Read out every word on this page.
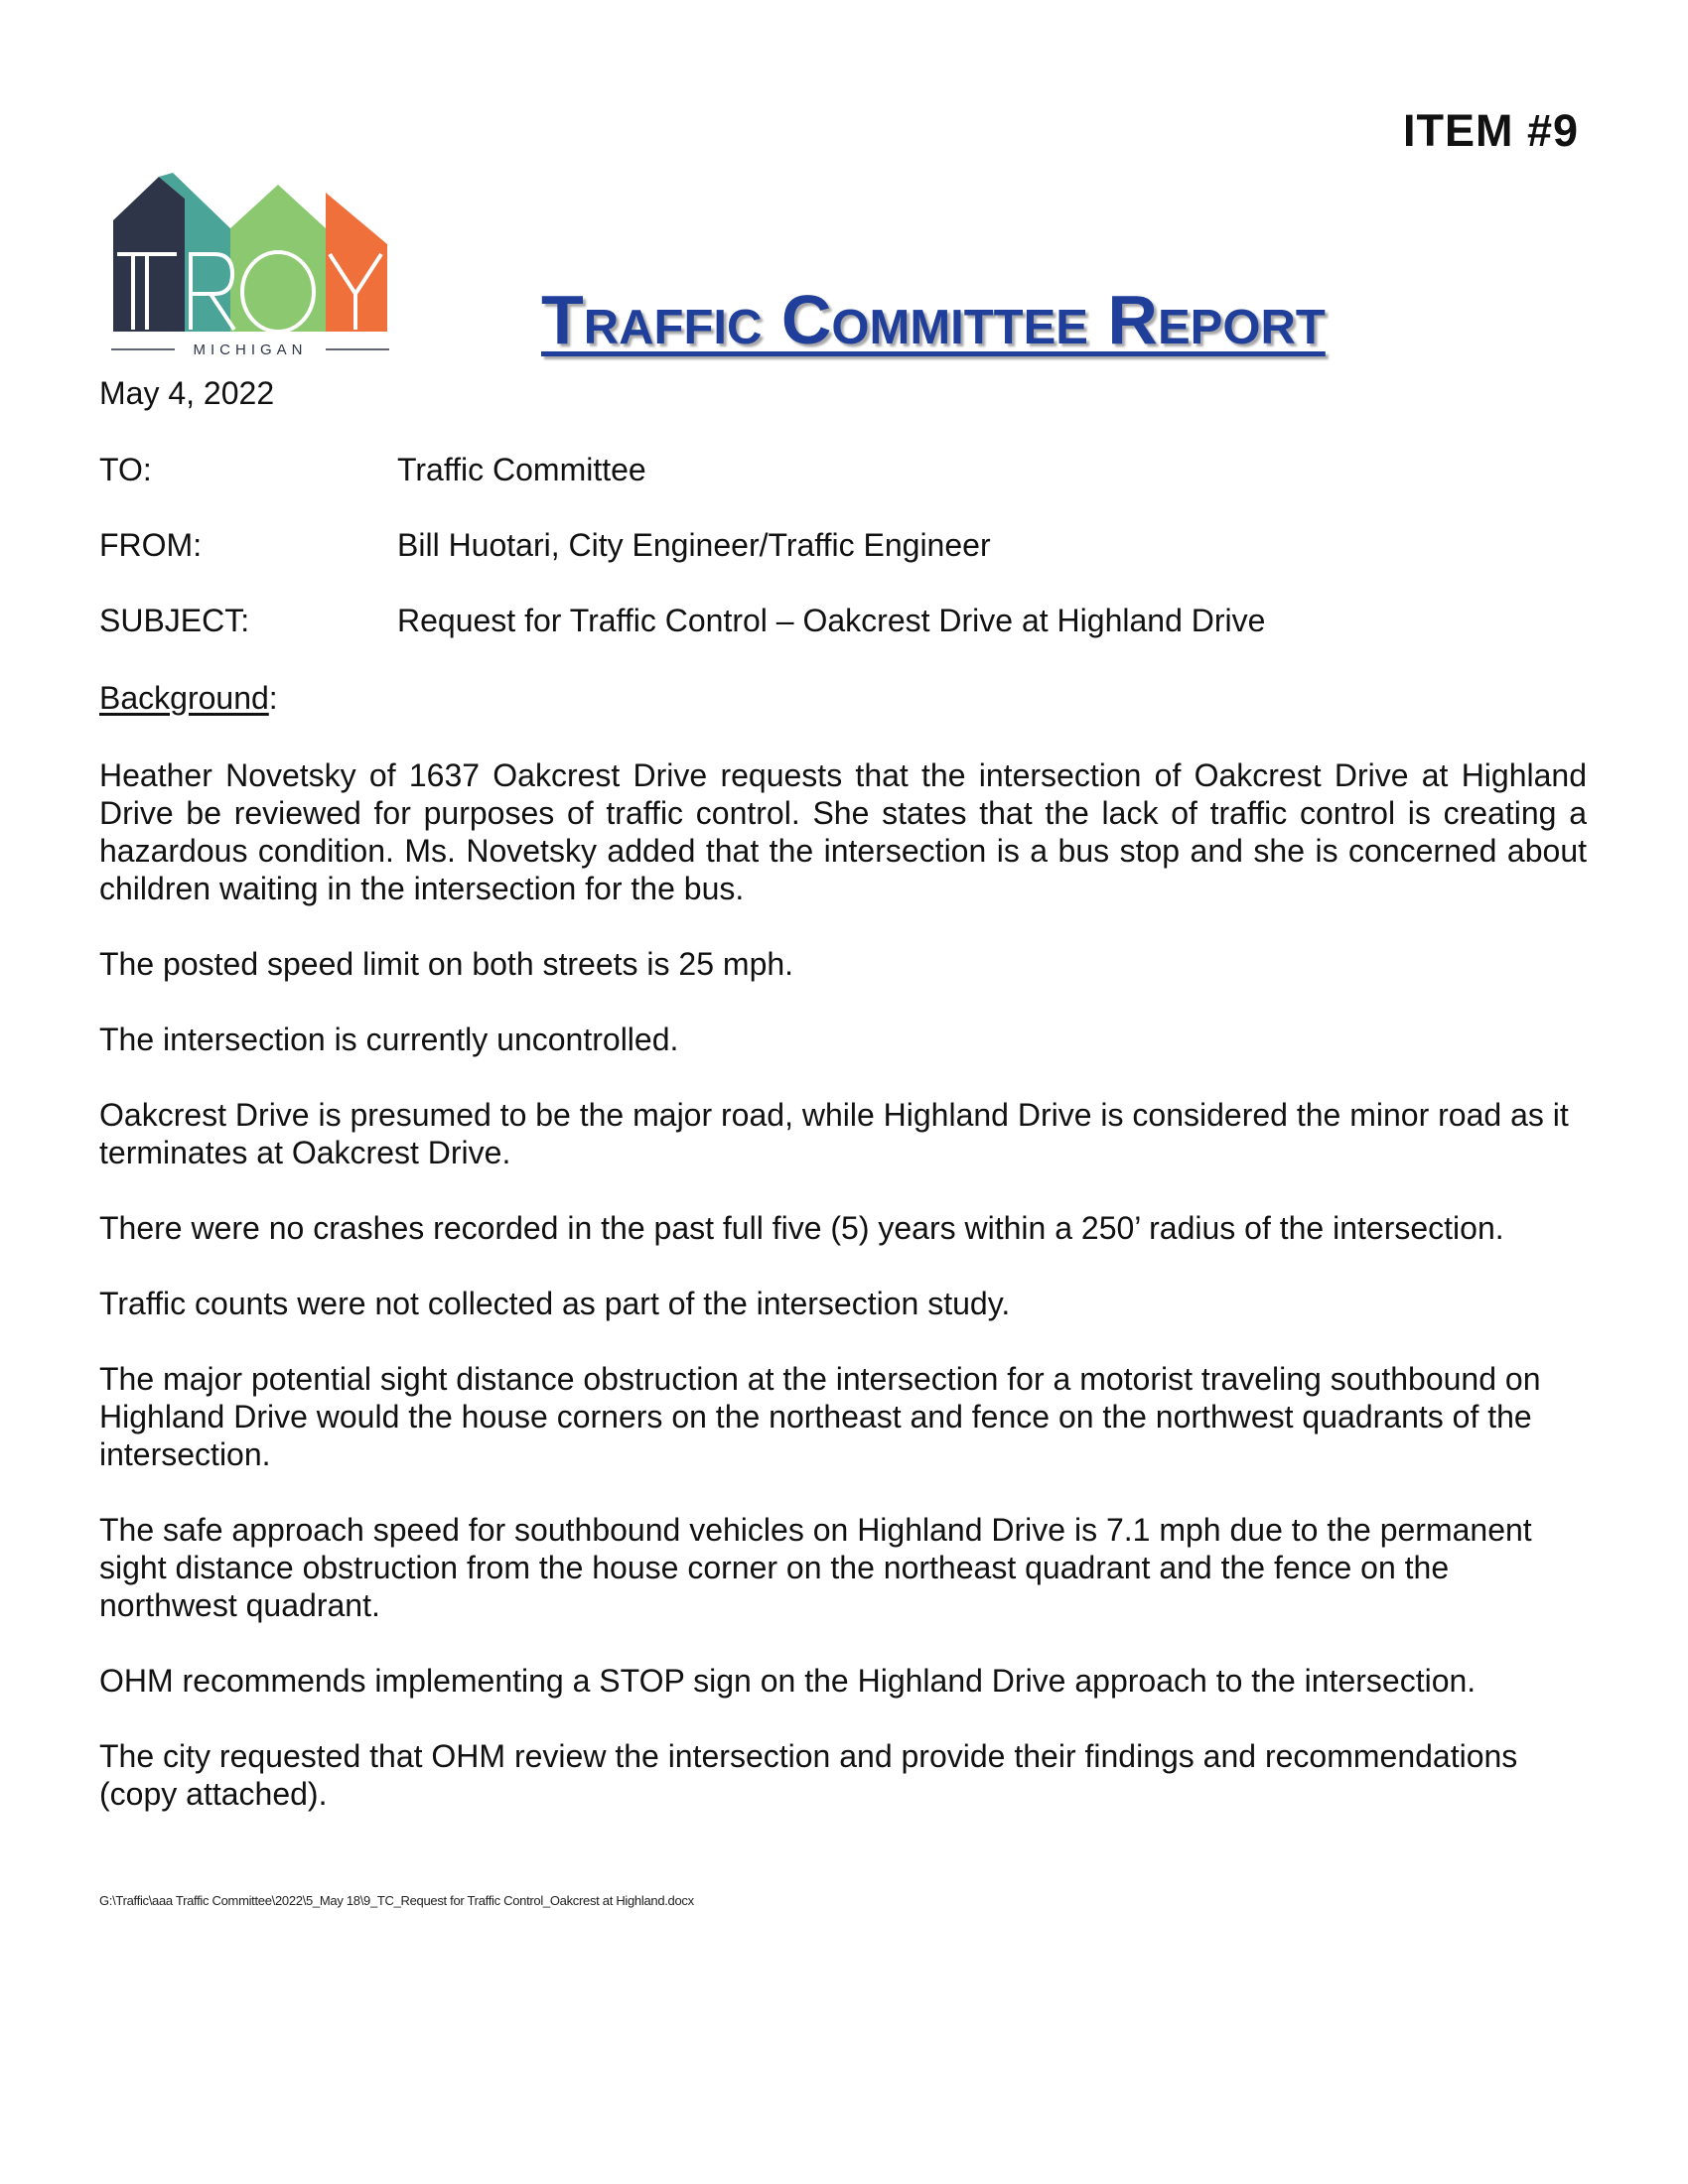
ITEM #9
MICHIGAN	Traffic Committee Report
May 4, 2022
TO:	Traffic Committee
FROM:	Bill Huotari, City Engineer/Traffic Engineer
SUBJECT:	Request for Traffic Control – Oakcrest Drive at Highland Drive
Background:

Heather Novetsky of 1637 Oakcrest Drive requests that the intersection of Oakcrest Drive at Highland Drive be reviewed for purposes of traffic control. She states that the lack of traffic control is creating a hazardous condition. Ms. Novetsky added that the intersection is a bus stop and she is concerned about children waiting in the intersection for the bus.

The posted speed limit on both streets is 25 mph.

The intersection is currently uncontrolled.

Oakcrest Drive is presumed to be the major road, while Highland Drive is considered the minor road as it terminates at Oakcrest Drive.

There were no crashes recorded in the past full five (5) years within a 250’ radius of the intersection.

Traffic counts were not collected as part of the intersection study.

The major potential sight distance obstruction at the intersection for a motorist traveling southbound on Highland Drive would the house corners on the northeast and fence on the northwest quadrants of the intersection.

The safe approach speed for southbound vehicles on Highland Drive is 7.1 mph due to the permanent sight distance obstruction from the house corner on the northeast quadrant and the fence on the northwest quadrant.

OHM recommends implementing a STOP sign on the Highland Drive approach to the intersection.

The city requested that OHM review the intersection and provide their findings and recommendations (copy attached).

G:\Traffic\aaa Traffic Committee\2022\5_May 18\9_TC_Request for Traffic Control_Oakcrest at Highland.docx
